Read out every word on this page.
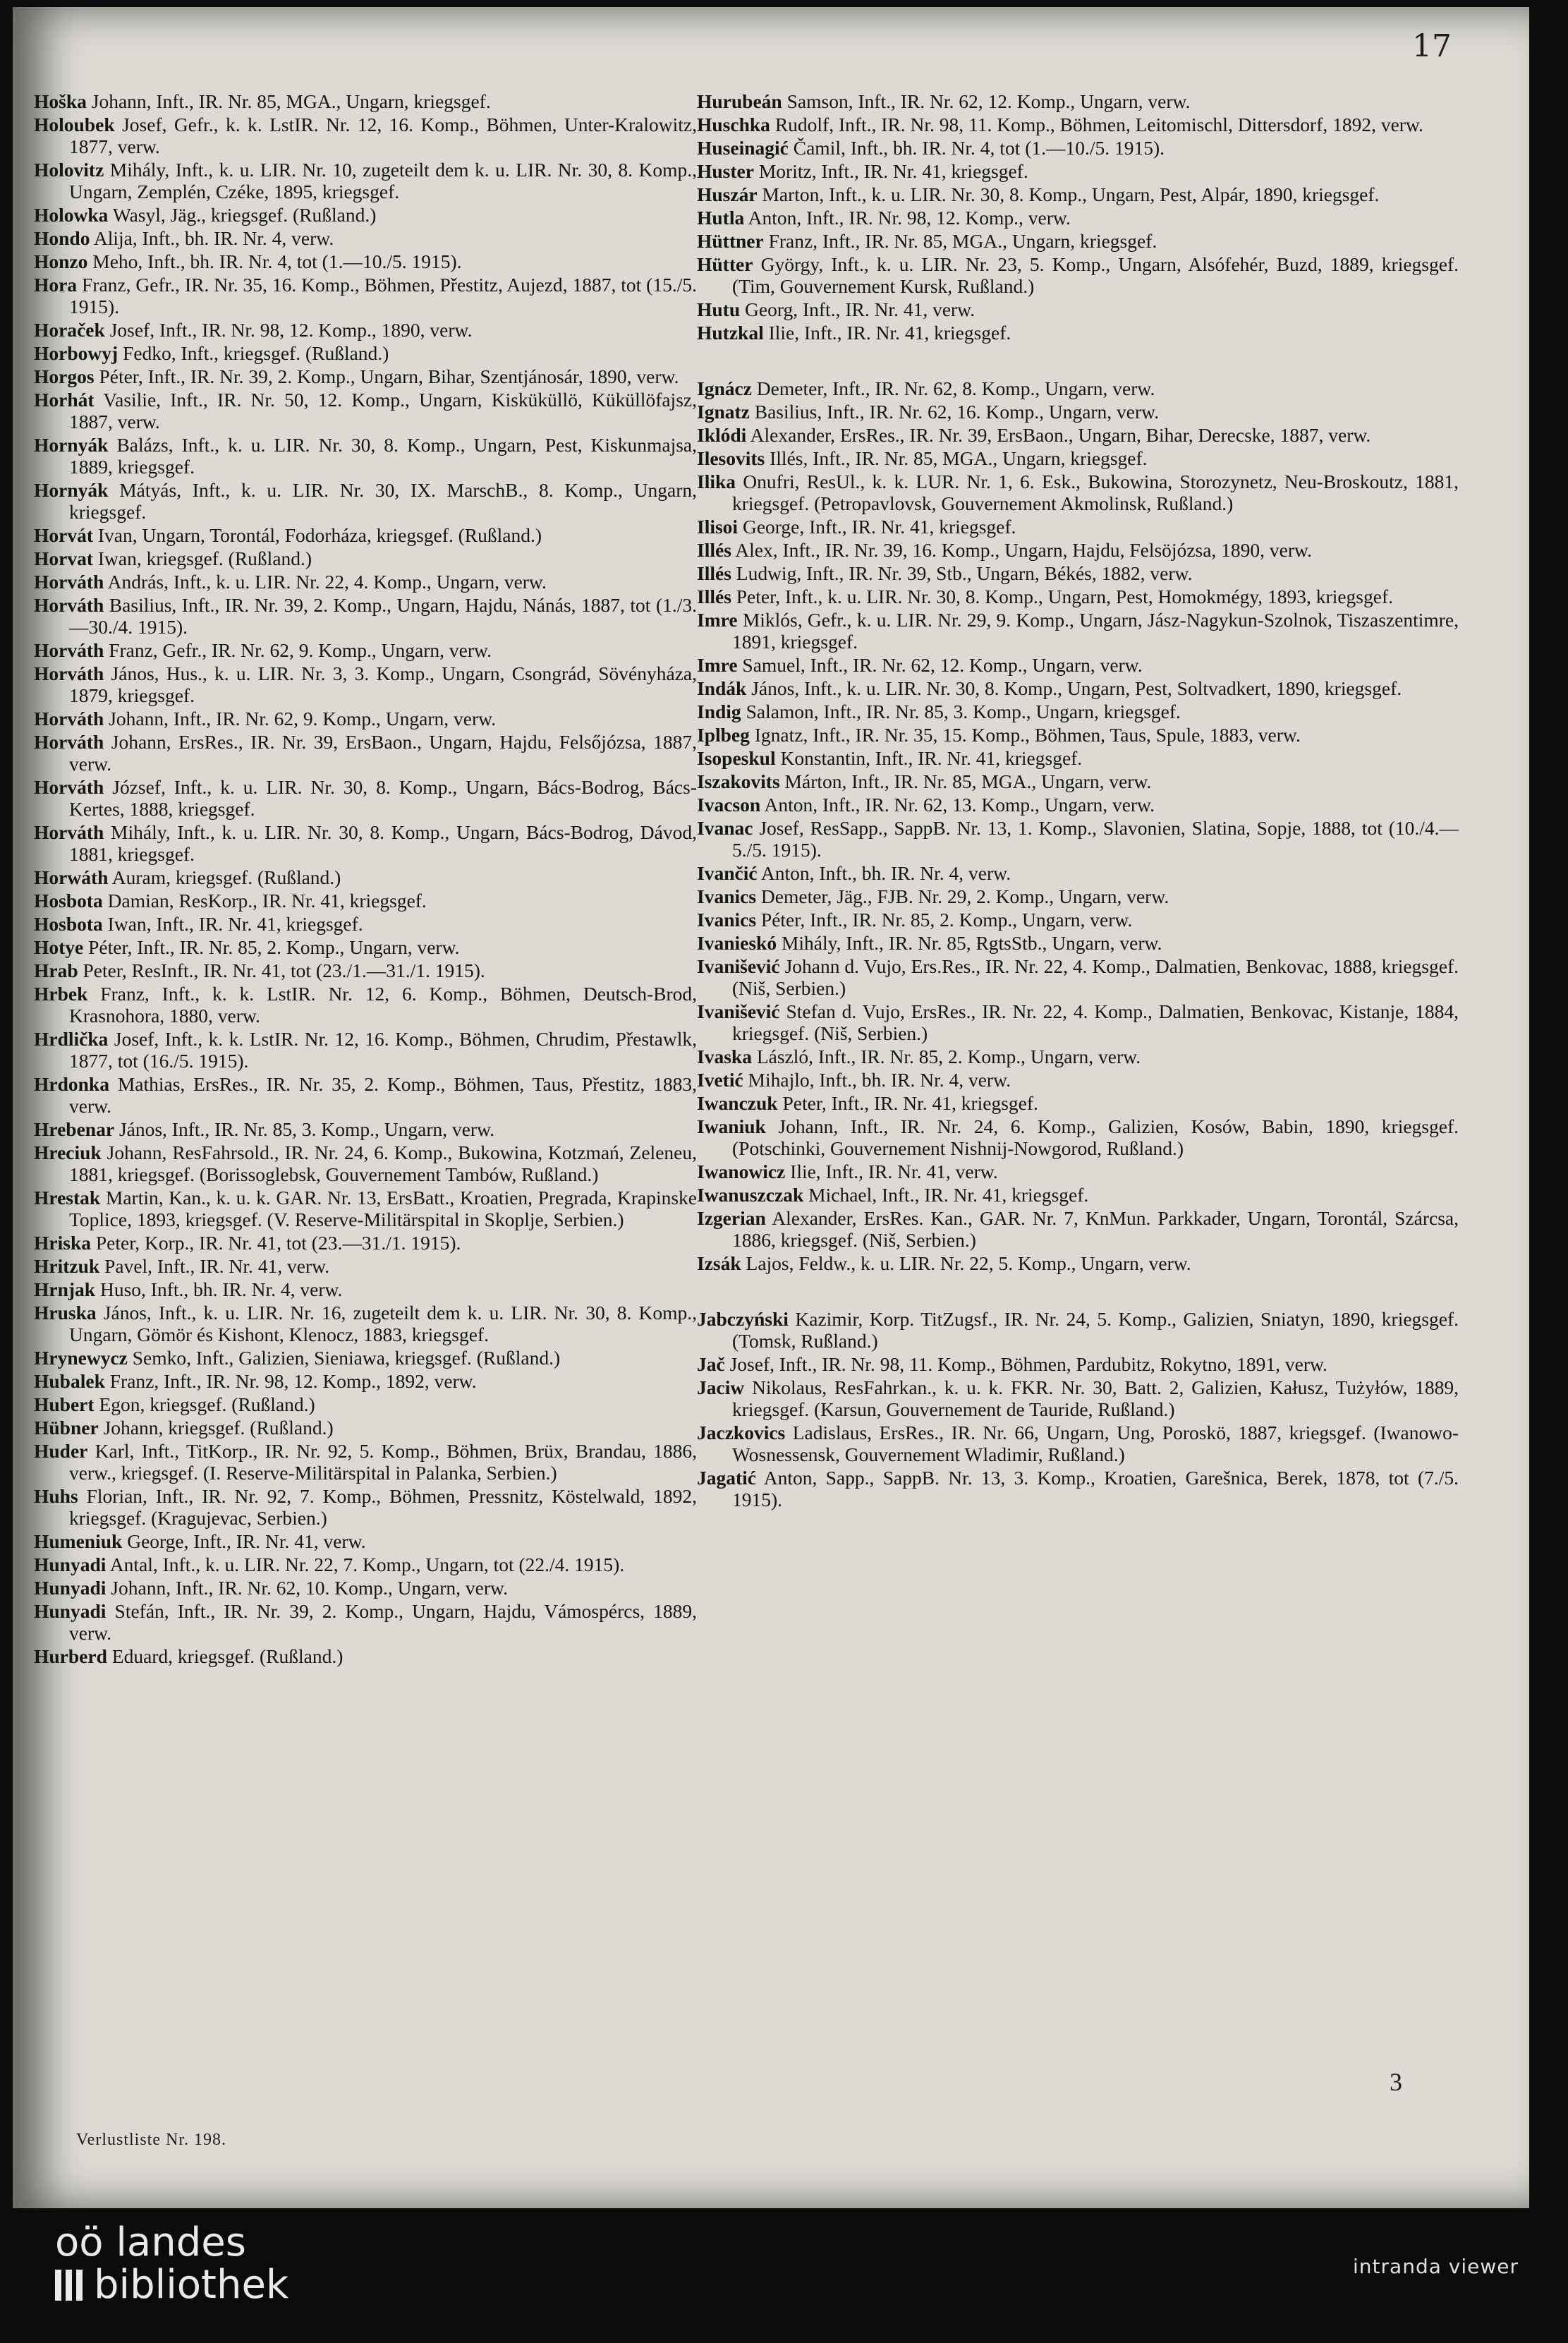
17

Hoška Johann, Inft., IR. Nr. 85, MGA., Ungarn, kriegsgef.

Holoubek Josef, Gefr., k. k. LstIR. Nr. 12, 16. Komp., Böhmen, Unter-Kralowitz, 1877, verw.

Holovitz Mihály, Inft., k. u. LIR. Nr. 10, zugeteilt dem k. u. LIR. Nr. 30, 8. Komp., Ungarn, Zemplén, Czéke, 1895, kriegsgef.

Holowka Wasyl, Jäg., kriegsgef. (Rußland.)

Hondo Alija, Inft., bh. IR. Nr. 4, verw.

Honzo Meho, Inft., bh. IR. Nr. 4, tot (1.—10./5. 1915).

Hora Franz, Gefr., IR. Nr. 35, 16. Komp., Böhmen, Přestitz, Aujezd, 1887, tot (15./5. 1915).

Horaček Josef, Inft., IR. Nr. 98, 12. Komp., 1890, verw.

Horbowyj Fedko, Inft., kriegsgef. (Rußland.)

Horgos Péter, Inft., IR. Nr. 39, 2. Komp., Ungarn, Bihar, Szentjánosár, 1890, verw.

Horhát Vasilie, Inft., IR. Nr. 50, 12. Komp., Ungarn, Kisküküllö, Küküllöfajsz, 1887, verw.

Hornyák Balázs, Inft., k. u. LIR. Nr. 30, 8. Komp., Ungarn, Pest, Kiskunmajsa, 1889, kriegsgef.

Hornyák Mátyás, Inft., k. u. LIR. Nr. 30, IX. MarschB., 8. Komp., Ungarn, kriegsgef.

Horvát Ivan, Ungarn, Torontál, Fodorháza, kriegsgef. (Rußland.)

Horvat Iwan, kriegsgef. (Rußland.)

Horváth András, Inft., k. u. LIR. Nr. 22, 4. Komp., Ungarn, verw.

Horváth Basilius, Inft., IR. Nr. 39, 2. Komp., Ungarn, Hajdu, Nánás, 1887, tot (1./3.—30./4. 1915).

Horváth Franz, Gefr., IR. Nr. 62, 9. Komp., Ungarn, verw.

Horváth János, Hus., k. u. LIR. Nr. 3, 3. Komp., Ungarn, Csongrád, Sövényháza, 1879, kriegsgef.

Horváth Johann, Inft., IR. Nr. 62, 9. Komp., Ungarn, verw.

Horváth Johann, ErsRes., IR. Nr. 39, ErsBaon., Ungarn, Hajdu, Felsőjózsa, 1887, verw.

Horváth József, Inft., k. u. LIR. Nr. 30, 8. Komp., Ungarn, Bács-Bodrog, Bács-Kertes, 1888, kriegsgef.

Horváth Mihály, Inft., k. u. LIR. Nr. 30, 8. Komp., Ungarn, Bács-Bodrog, Dávod, 1881, kriegsgef.

Horwáth Auram, kriegsgef. (Rußland.)

Hosbota Damian, ResKorp., IR. Nr. 41, kriegsgef.

Hosbota Iwan, Inft., IR. Nr. 41, kriegsgef.

Hotye Péter, Inft., IR. Nr. 85, 2. Komp., Ungarn, verw.

Hrab Peter, ResInft., IR. Nr. 41, tot (23./1.—31./1. 1915).

Hrbek Franz, Inft., k. k. LstIR. Nr. 12, 6. Komp., Böhmen, Deutsch-Brod, Krasnohora, 1880, verw.

Hrdlička Josef, Inft., k. k. LstIR. Nr. 12, 16. Komp., Böhmen, Chrudim, Přestawlk, 1877, tot (16./5. 1915).

Hrdonka Mathias, ErsRes., IR. Nr. 35, 2. Komp., Böhmen, Taus, Přestitz, 1883, verw.

Hrebenar János, Inft., IR. Nr. 85, 3. Komp., Ungarn, verw.

Hreciuk Johann, ResFahrsold., IR. Nr. 24, 6. Komp., Bukowina, Kotzmań, Zeleneu, 1881, kriegsgef. (Borissoglebsk, Gouvernement Tambów, Rußland.)

Hrestak Martin, Kan., k. u. k. GAR. Nr. 13, ErsBatt., Kroatien, Pregrada, Krapinske Toplice, 1893, kriegsgef. (V. Reserve-Militärspital in Skoplje, Serbien.)

Hriska Peter, Korp., IR. Nr. 41, tot (23.—31./1. 1915).

Hritzuk Pavel, Inft., IR. Nr. 41, verw.

Hrnjak Huso, Inft., bh. IR. Nr. 4, verw.

Hruska János, Inft., k. u. LIR. Nr. 16, zugeteilt dem k. u. LIR. Nr. 30, 8. Komp., Ungarn, Gömör és Kishont, Klenocz, 1883, kriegsgef.

Hrynewycz Semko, Inft., Galizien, Sieniawa, kriegsgef. (Rußland.)

Hubalek Franz, Inft., IR. Nr. 98, 12. Komp., 1892, verw.

Hubert Egon, kriegsgef. (Rußland.)

Hübner Johann, kriegsgef. (Rußland.)

Huder Karl, Inft., TitKorp., IR. Nr. 92, 5. Komp., Böhmen, Brüx, Brandau, 1886, verw., kriegsgef. (I. Reserve-Militärspital in Palanka, Serbien.)

Huhs Florian, Inft., IR. Nr. 92, 7. Komp., Böhmen, Pressnitz, Köstelwald, 1892, kriegsgef. (Kragujevac, Serbien.)

Humeniuk George, Inft., IR. Nr. 41, verw.

Hunyadi Antal, Inft., k. u. LIR. Nr. 22, 7. Komp., Ungarn, tot (22./4. 1915).

Hunyadi Johann, Inft., IR. Nr. 62, 10. Komp., Ungarn, verw.

Hunyadi Stefán, Inft., IR. Nr. 39, 2. Komp., Ungarn, Hajdu, Vámospércs, 1889, verw.

Hurberd Eduard, kriegsgef. (Rußland.)

Hurubeán Samson, Inft., IR. Nr. 62, 12. Komp., Ungarn, verw.

Huschka Rudolf, Inft., IR. Nr. 98, 11. Komp., Böhmen, Leitomischl, Dittersdorf, 1892, verw.

Huseinagić Čamil, Inft., bh. IR. Nr. 4, tot (1.—10./5. 1915).

Huster Moritz, Inft., IR. Nr. 41, kriegsgef.

Huszár Marton, Inft., k. u. LIR. Nr. 30, 8. Komp., Ungarn, Pest, Alpár, 1890, kriegsgef.

Hutla Anton, Inft., IR. Nr. 98, 12. Komp., verw.

Hüttner Franz, Inft., IR. Nr. 85, MGA., Ungarn, kriegsgef.

Hütter György, Inft., k. u. LIR. Nr. 23, 5. Komp., Ungarn, Alsófehér, Buzd, 1889, kriegsgef. (Tim, Gouvernement Kursk, Rußland.)

Hutu Georg, Inft., IR. Nr. 41, verw.

Hutzkal Ilie, Inft., IR. Nr. 41, kriegsgef.

Ignácz Demeter, Inft., IR. Nr. 62, 8. Komp., Ungarn, verw.

Ignatz Basilius, Inft., IR. Nr. 62, 16. Komp., Ungarn, verw.

Iklódi Alexander, ErsRes., IR. Nr. 39, ErsBaon., Ungarn, Bihar, Derecske, 1887, verw.

Ilesovits Illés, Inft., IR. Nr. 85, MGA., Ungarn, kriegsgef.

Ilika Onufri, ResUl., k. k. LUR. Nr. 1, 6. Esk., Bukowina, Storozynetz, Neu-Broskoutz, 1881, kriegsgef. (Petropavlovsk, Gouvernement Akmolinsk, Rußland.)

Ilisoi George, Inft., IR. Nr. 41, kriegsgef.

Illés Alex, Inft., IR. Nr. 39, 16. Komp., Ungarn, Hajdu, Felsöjózsa, 1890, verw.

Illés Ludwig, Inft., IR. Nr. 39, Stb., Ungarn, Békés, 1882, verw.

Illés Peter, Inft., k. u. LIR. Nr. 30, 8. Komp., Ungarn, Pest, Homokmégy, 1893, kriegsgef.

Imre Miklós, Gefr., k. u. LIR. Nr. 29, 9. Komp., Ungarn, Jász-Nagykun-Szolnok, Tiszaszentimre, 1891, kriegsgef.

Imre Samuel, Inft., IR. Nr. 62, 12. Komp., Ungarn, verw.

Indák János, Inft., k. u. LIR. Nr. 30, 8. Komp., Ungarn, Pest, Soltvadkert, 1890, kriegsgef.

Indig Salamon, Inft., IR. Nr. 85, 3. Komp., Ungarn, kriegsgef.

Iplbeg Ignatz, Inft., IR. Nr. 35, 15. Komp., Böhmen, Taus, Spule, 1883, verw.

Isopeskul Konstantin, Inft., IR. Nr. 41, kriegsgef.

Iszakovits Márton, Inft., IR. Nr. 85, MGA., Ungarn, verw.

Ivacson Anton, Inft., IR. Nr. 62, 13. Komp., Ungarn, verw.

Ivanac Josef, ResSapp., SappB. Nr. 13, 1. Komp., Slavonien, Slatina, Sopje, 1888, tot (10./4.—5./5. 1915).

Ivančić Anton, Inft., bh. IR. Nr. 4, verw.

Ivanics Demeter, Jäg., FJB. Nr. 29, 2. Komp., Ungarn, verw.

Ivanics Péter, Inft., IR. Nr. 85, 2. Komp., Ungarn, verw.

Ivanieskó Mihály, Inft., IR. Nr. 85, RgtsStb., Ungarn, verw.

Ivanišević Johann d. Vujo, Ers.Res., IR. Nr. 22, 4. Komp., Dalmatien, Benkovac, 1888, kriegsgef. (Niš, Serbien.)

Ivanišević Stefan d. Vujo, ErsRes., IR. Nr. 22, 4. Komp., Dalmatien, Benkovac, Kistanje, 1884, kriegsgef. (Niš, Serbien.)

Ivaska László, Inft., IR. Nr. 85, 2. Komp., Ungarn, verw.

Ivetić Mihajlo, Inft., bh. IR. Nr. 4, verw.

Iwanczuk Peter, Inft., IR. Nr. 41, kriegsgef.

Iwaniuk Johann, Inft., IR. Nr. 24, 6. Komp., Galizien, Kosów, Babin, 1890, kriegsgef. (Potschinki, Gouvernement Nishnij-Nowgorod, Rußland.)

Iwanowicz Ilie, Inft., IR. Nr. 41, verw.

Iwanuszczak Michael, Inft., IR. Nr. 41, kriegsgef.

Izgerian Alexander, ErsRes. Kan., GAR. Nr. 7, KnMun. Parkkader, Ungarn, Torontál, Szárcsa, 1886, kriegsgef. (Niš, Serbien.)

Izsák Lajos, Feldw., k. u. LIR. Nr. 22, 5. Komp., Ungarn, verw.

Jabczyński Kazimir, Korp. TitZugsf., IR. Nr. 24, 5. Komp., Galizien, Sniatyn, 1890, kriegsgef. (Tomsk, Rußland.)

Jač Josef, Inft., IR. Nr. 98, 11. Komp., Böhmen, Pardubitz, Rokytno, 1891, verw.

Jaciw Nikolaus, ResFahrkan., k. u. k. FKR. Nr. 30, Batt. 2, Galizien, Kałusz, Tużyłów, 1889, kriegsgef. (Karsun, Gouvernement de Tauride, Rußland.)

Jaczkovics Ladislaus, ErsRes., IR. Nr. 66, Ungarn, Ung, Poroskö, 1887, kriegsgef. (Iwanowo-Wosnessensk, Gouvernement Wladimir, Rußland.)

Jagatić Anton, Sapp., SappB. Nr. 13, 3. Komp., Kroatien, Garešnica, Berek, 1878, tot (7./5. 1915).

3
Verlustliste Nr. 198.
oö landes
bibliothek	intranda viewer
